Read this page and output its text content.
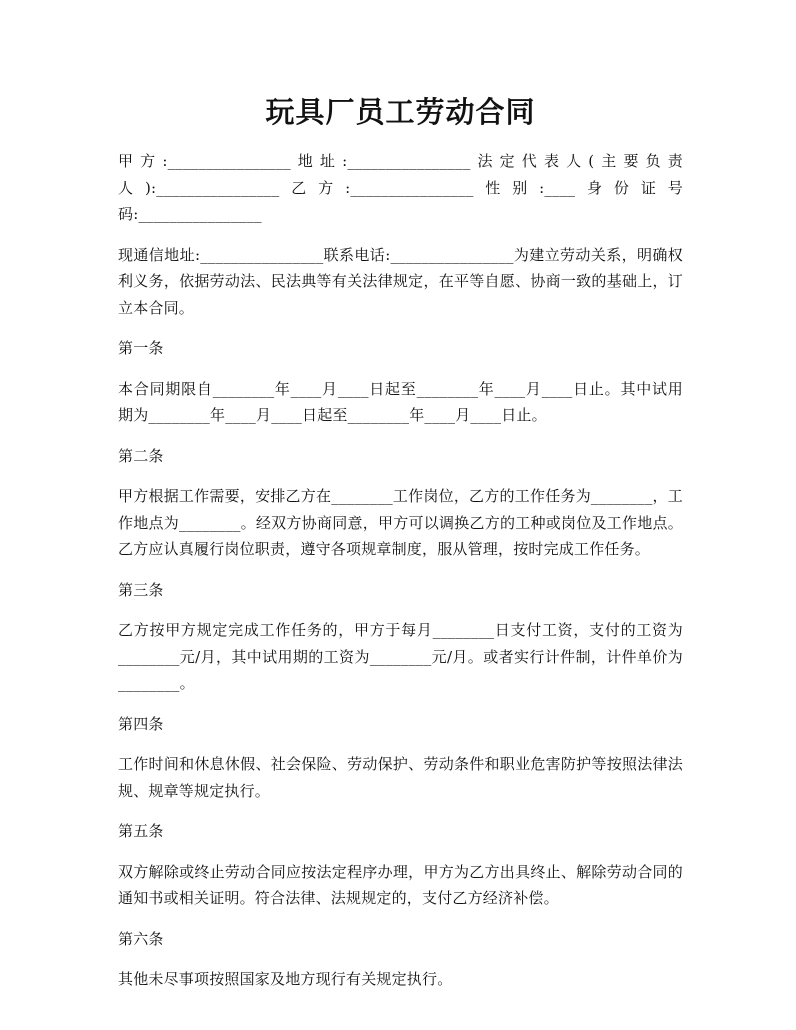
玩具厂员工劳动合同

甲方:________________地址:________________法定代表人(主要负责人):________________乙方:________________性别:____身份证号码:________________

现通信地址:________________联系电话:________________为建立劳动关系，明确权利义务，依据劳动法、民法典等有关法律规定，在平等自愿、协商一致的基础上，订立本合同。

第一条

本合同期限自________年____月____日起至________年____月____日止。其中试用期为________年____月____日起至________年____月____日止。

第二条

甲方根据工作需要，安排乙方在________工作岗位，乙方的工作任务为________，工作地点为________。经双方协商同意，甲方可以调换乙方的工种或岗位及工作地点。乙方应认真履行岗位职责，遵守各项规章制度，服从管理，按时完成工作任务。

第三条

乙方按甲方规定完成工作任务的，甲方于每月________日支付工资，支付的工资为________元/月，其中试用期的工资为________元/月。或者实行计件制，计件单价为________。

第四条

工作时间和休息休假、社会保险、劳动保护、劳动条件和职业危害防护等按照法律法规、规章等规定执行。

第五条

双方解除或终止劳动合同应按法定程序办理，甲方为乙方出具终止、解除劳动合同的通知书或相关证明。符合法律、法规规定的，支付乙方经济补偿。

第六条

其他未尽事项按照国家及地方现行有关规定执行。
